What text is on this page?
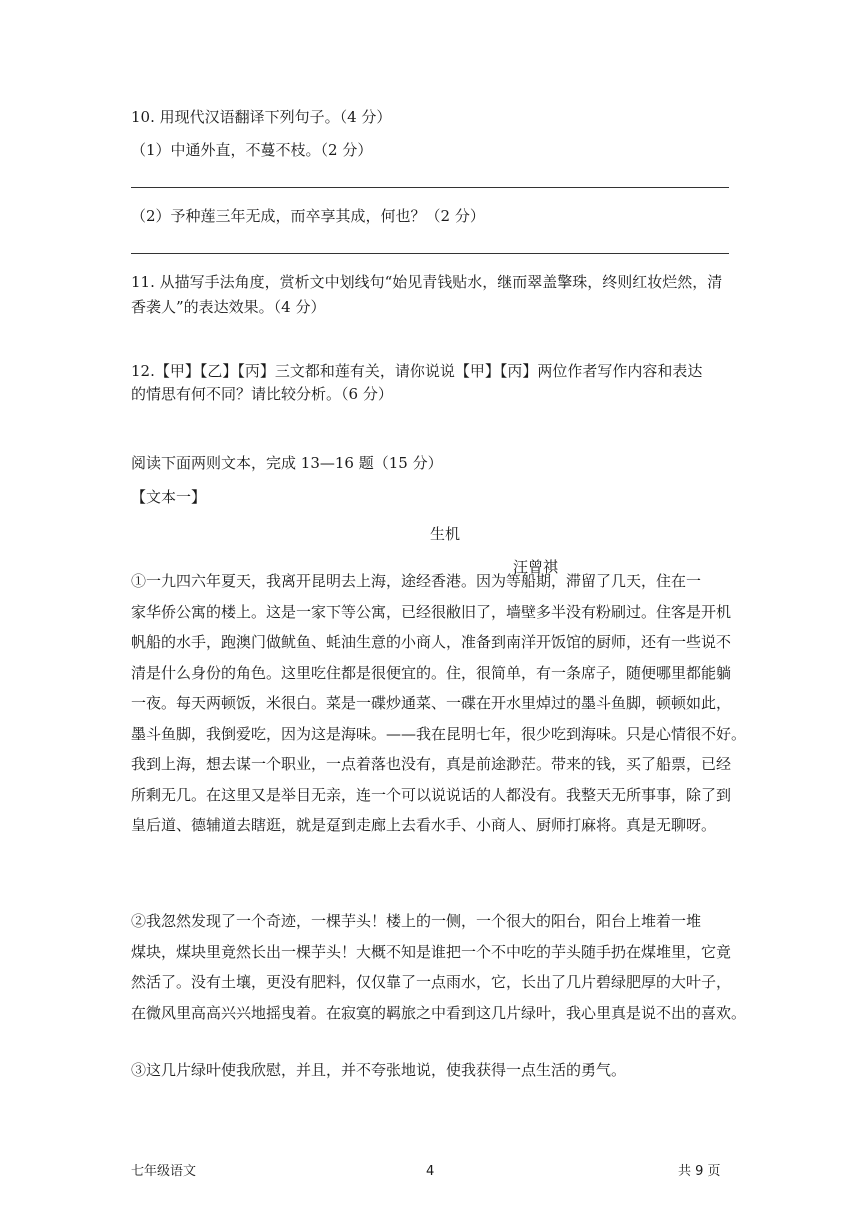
10. 用现代汉语翻译下列句子。（4 分）
（1）中通外直，不蔓不枝。（2 分）
（2）予种莲三年无成，而卒享其成，何也？（2 分）
11. 从描写手法角度，赏析文中划线句“始见青钱贴水，继而翠盖擎珠，终则红妆烂然，清
香袭人”的表达效果。（4 分）
12.【甲】【乙】【丙】三文都和莲有关，请你说说【甲】【丙】两位作者写作内容和表达
的情思有何不同？请比较分析。（6 分）
阅读下面两则文本，完成 13—16 题（15 分）
【文本一】
生机
汪曾祺
①一九四六年夏天，我离开昆明去上海，途经香港。因为等船期，滞留了几天，住在一
家华侨公寓的楼上。这是一家下等公寓，已经很敝旧了，墙壁多半没有粉刷过。住客是开机
帆船的水手，跑澳门做鱿鱼、蚝油生意的小商人，准备到南洋开饭馆的厨师，还有一些说不
清是什么身份的角色。这里吃住都是很便宜的。住，很简单，有一条席子，随便哪里都能躺
一夜。每天两顿饭，米很白。菜是一碟炒通菜、一碟在开水里焯过的墨斗鱼脚，顿顿如此，
墨斗鱼脚，我倒爱吃，因为这是海味。——我在昆明七年，很少吃到海味。只是心情很不好。
我到上海，想去谋一个职业，一点着落也没有，真是前途渺茫。带来的钱，买了船票，已经
所剩无几。在这里又是举目无亲，连一个可以说说话的人都没有。我整天无所事事，除了到
皇后道、德辅道去瞎逛，就是趸到走廊上去看水手、小商人、厨师打麻将。真是无聊呀。
②我忽然发现了一个奇迹，一棵芋头！楼上的一侧，一个很大的阳台，阳台上堆着一堆
煤块，煤块里竟然长出一棵芋头！大概不知是谁把一个不中吃的芋头随手扔在煤堆里，它竟
然活了。没有土壤，更没有肥料，仅仅靠了一点雨水，它，长出了几片碧绿肥厚的大叶子，
在微风里高高兴兴地摇曳着。在寂寞的羁旅之中看到这几片绿叶，我心里真是说不出的喜欢。
③这几片绿叶使我欣慰，并且，并不夸张地说，使我获得一点生活的勇气。
七年级语文	4	共 9 页
